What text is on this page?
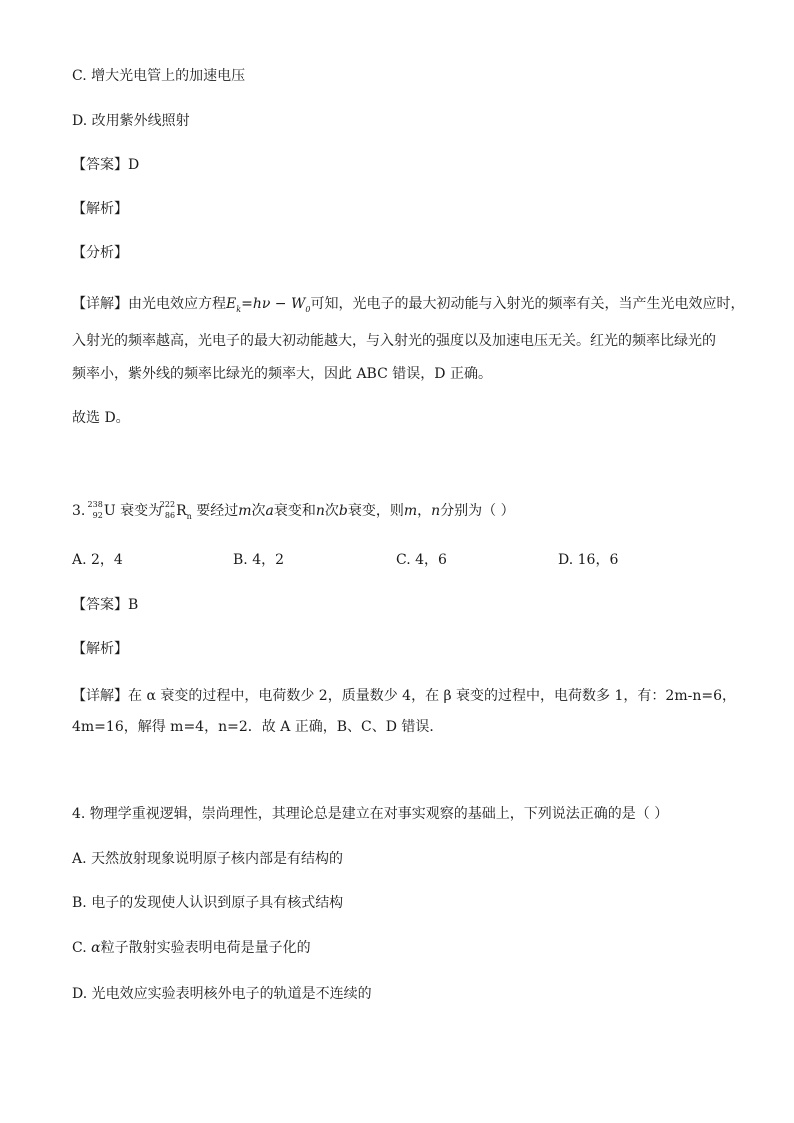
C. 增大光电管上的加速电压
D. 改用紫外线照射
【答案】D
【解析】
【分析】
【详解】由光电效应方程$E_k=h\nu - W_0$可知，光电子的最大初动能与入射光的频率有关，当产生光电效应时，
入射光的频率越高，光电子的最大初动能越大，与入射光的强度以及加速电压无关。红光的频率比绿光的
频率小，紫外线的频率比绿光的频率大，因此 ABC 错误，D 正确。
故选 D。
3. 238
92 U 衰变为
222
86 $R_n$ 要经过m次a衰变和n次b衰变，则m，n分别为（ ）
A. 2，4	B. 4，2	C. 4，6	D. 16，6
【答案】B
【解析】
【详解】在 α 衰变的过程中，电荷数少 2，质量数少 4，在 β 衰变的过程中，电荷数多 1，有：2m-n=6，
4m=16，解得 m=4，n=2．故 A 正确，B、C、D 错误．
4. 物理学重视逻辑，崇尚理性，其理论总是建立在对事实观察的基础上，下列说法正确的是（ ）
A. 天然放射现象说明原子核内部是有结构的
B. 电子的发现使人认识到原子具有核式结构
C. α粒子散射实验表明电荷是量子化的
D. 光电效应实验表明核外电子的轨道是不连续的
